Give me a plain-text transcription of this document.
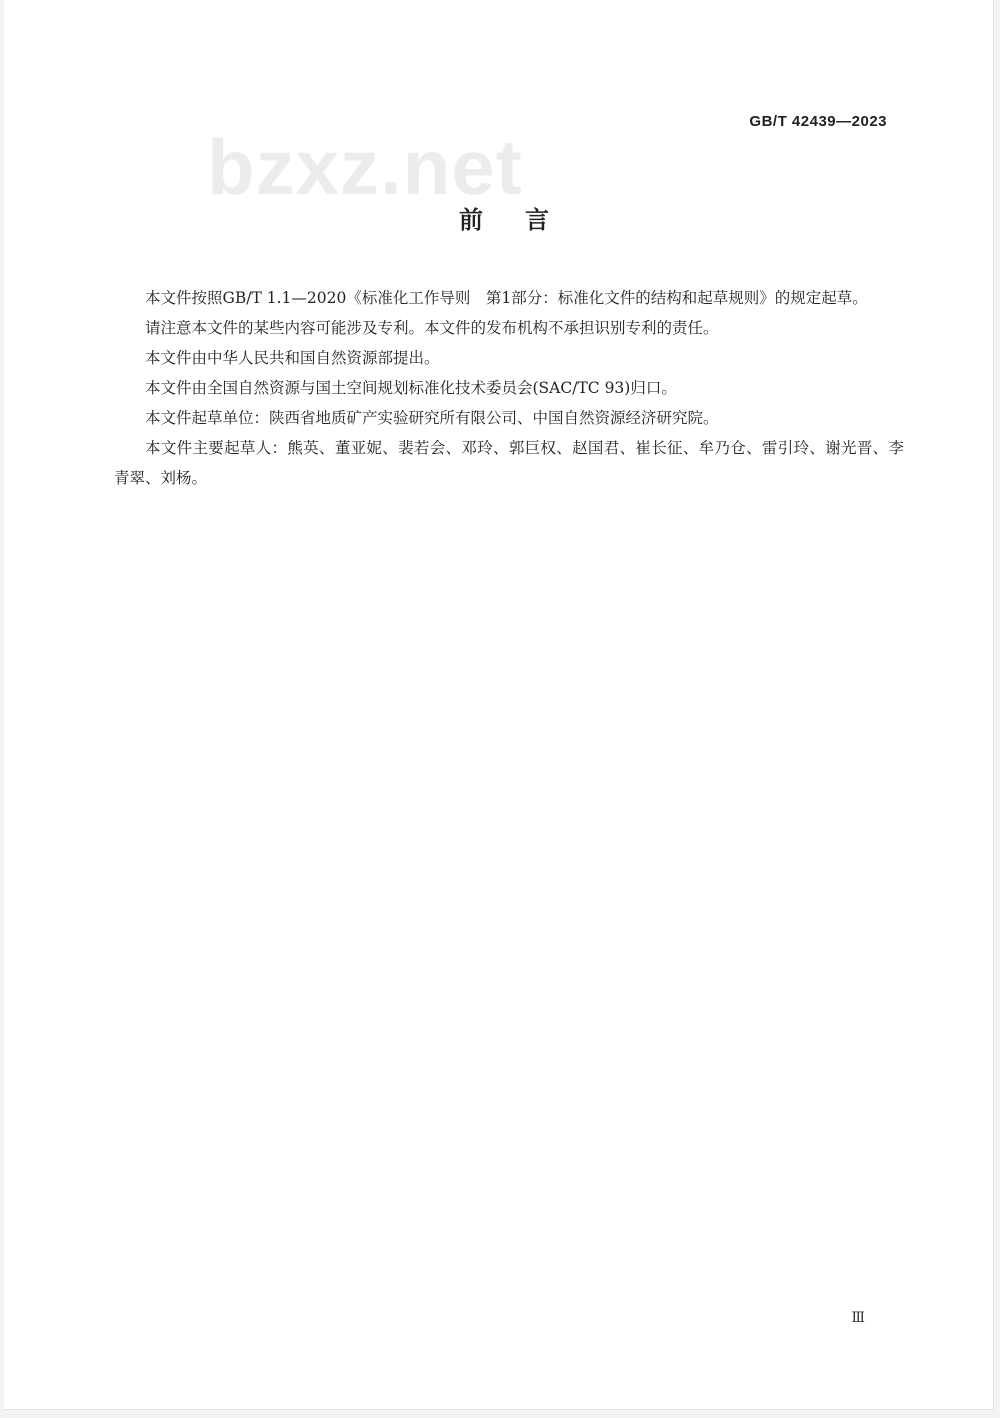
GB/T 42439—2023
bzxz.net
前言

本文件按照GB/T 1.1—2020《标准化工作导则　第1部分：标准化文件的结构和起草规则》的规定起草。

请注意本文件的某些内容可能涉及专利。本文件的发布机构不承担识别专利的责任。

本文件由中华人民共和国自然资源部提出。

本文件由全国自然资源与国土空间规划标准化技术委员会(SAC/TC 93)归口。

本文件起草单位：陕西省地质矿产实验研究所有限公司、中国自然资源经济研究院。

本文件主要起草人：熊英、董亚妮、裴若会、邓玲、郭巨权、赵国君、崔长征、牟乃仓、雷引玲、谢光晋、李青翠、刘杨。

Ⅲ
